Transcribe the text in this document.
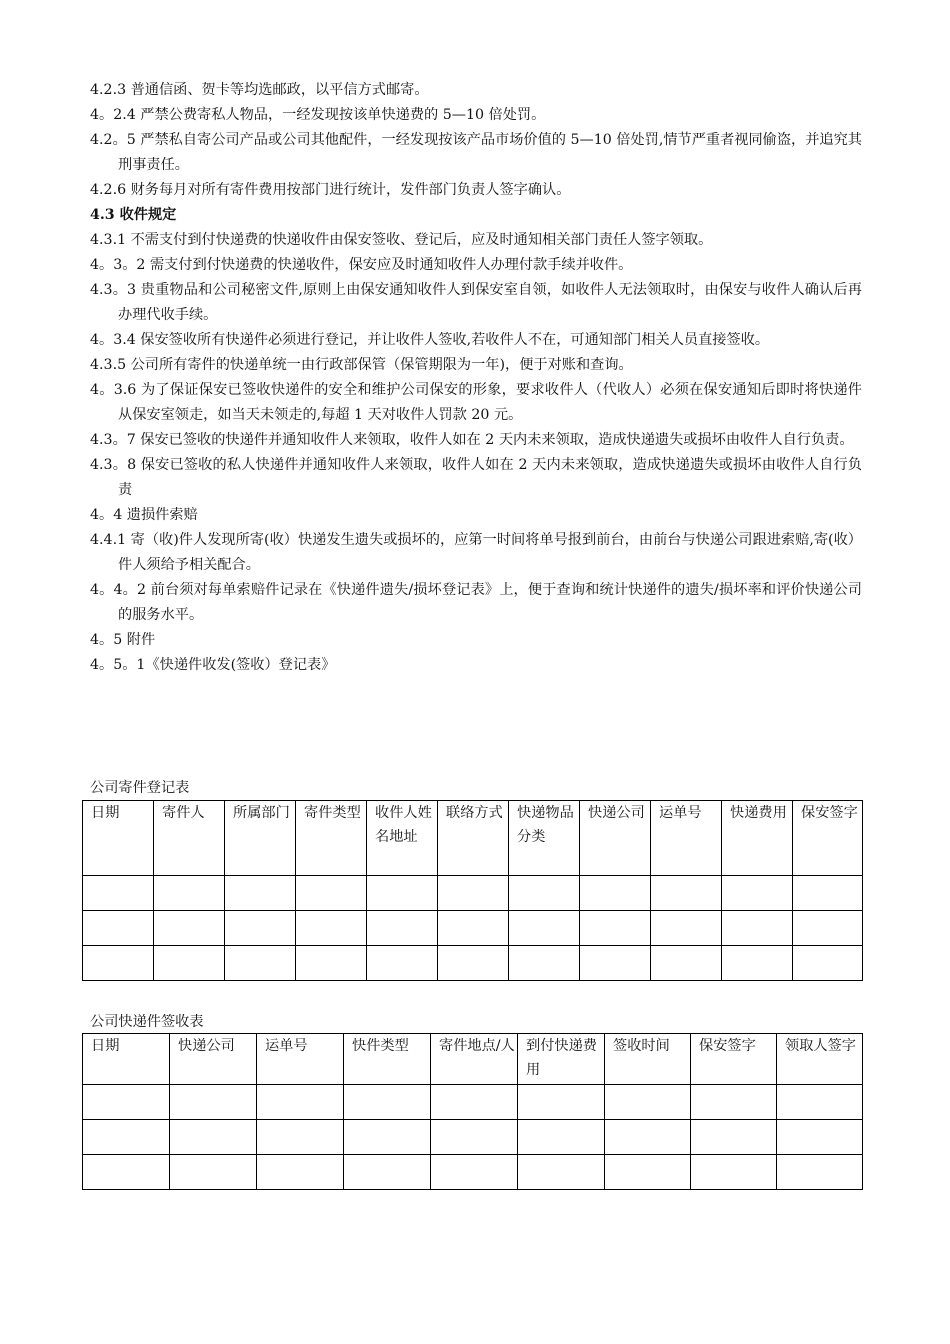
4.2.3 普通信函、贺卡等均选邮政，以平信方式邮寄。

4。2.4 严禁公费寄私人物品，一经发现按该单快递费的 5—10 倍处罚。

4.2。5 严禁私自寄公司产品或公司其他配件，一经发现按该产品市场价值的 5—10 倍处罚,情节严重者视同偷盗，并追究其刑事责任。

4.2.6 财务每月对所有寄件费用按部门进行统计，发件部门负责人签字确认。

4.3 收件规定

4.3.1 不需支付到付快递费的快递收件由保安签收、登记后，应及时通知相关部门责任人签字领取。

4。3。2 需支付到付快递费的快递收件，保安应及时通知收件人办理付款手续并收件。

4.3。3 贵重物品和公司秘密文件,原则上由保安通知收件人到保安室自领，如收件人无法领取时，由保安与收件人确认后再办理代收手续。

4。3.4 保安签收所有快递件必须进行登记，并让收件人签收,若收件人不在，可通知部门相关人员直接签收。

4.3.5 公司所有寄件的快递单统一由行政部保管（保管期限为一年)，便于对账和查询。

4。3.6 为了保证保安已签收快递件的安全和维护公司保安的形象，要求收件人（代收人）必须在保安通知后即时将快递件从保安室领走，如当天未领走的,每超 1 天对收件人罚款 20 元。

4.3。7 保安已签收的快递件并通知收件人来领取，收件人如在 2 天内未来领取，造成快递遗失或损坏由收件人自行负责。

4.3。8 保安已签收的私人快递件并通知收件人来领取，收件人如在 2 天内未来领取，造成快递遗失或损坏由收件人自行负责

4。4 遗损件索赔

4.4.1 寄（收)件人发现所寄(收）快递发生遗失或损坏的，应第一时间将单号报到前台，由前台与快递公司跟进索赔,寄(收）件人须给予相关配合。

4。4。2 前台须对每单索赔件记录在《快递件遗失/损坏登记表》上，便于查询和统计快递件的遗失/损坏率和评价快递公司的服务水平。

4。5 附件

4。5。1《快递件收发(签收）登记表》

公司寄件登记表

日期	寄件人	所属部门	寄件类型	收件人姓名地址	联络方式	快递物品分类	快递公司	运单号	快递费用	保安签字

公司快递件签收表

日期	快递公司	运单号	快件类型	寄件地点/人	到付快递费用	签收时间	保安签字	领取人签字
